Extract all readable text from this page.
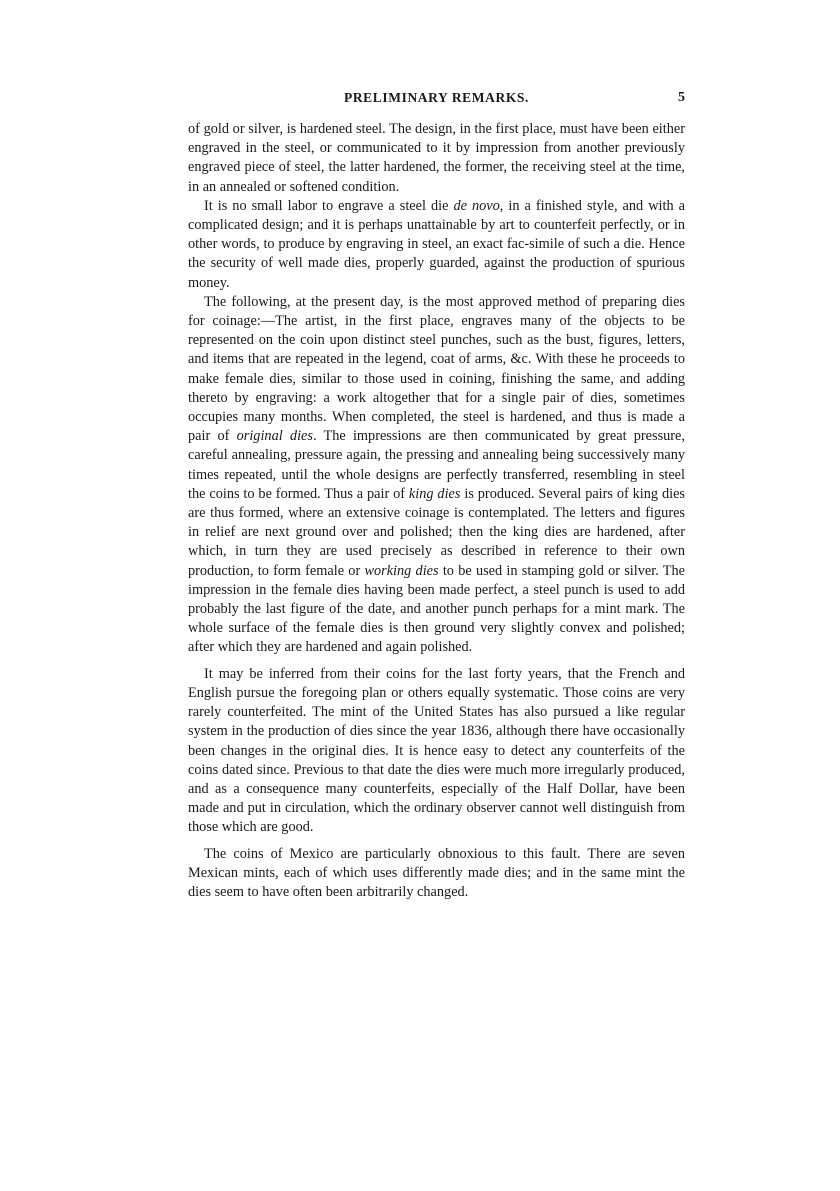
PRELIMINARY REMARKS.	5

of gold or silver, is hardened steel. The design, in the first place, must have been either engraved in the steel, or communicated to it by impression from another previously engraved piece of steel, the latter hardened, the former, the receiving steel at the time, in an annealed or softened condition.

It is no small labor to engrave a steel die de novo, in a finished style, and with a complicated design; and it is perhaps unattainable by art to counterfeit perfectly, or in other words, to produce by engraving in steel, an exact fac-simile of such a die. Hence the security of well made dies, properly guarded, against the production of spurious money.

The following, at the present day, is the most approved method of preparing dies for coinage:—The artist, in the first place, engraves many of the objects to be represented on the coin upon distinct steel punches, such as the bust, figures, letters, and items that are repeated in the legend, coat of arms, &c. With these he proceeds to make female dies, similar to those used in coining, finishing the same, and adding thereto by engraving: a work altogether that for a single pair of dies, sometimes occupies many months. When completed, the steel is hardened, and thus is made a pair of original dies. The impressions are then communicated by great pressure, careful annealing, pressure again, the pressing and annealing being successively many times repeated, until the whole designs are perfectly transferred, resembling in steel the coins to be formed. Thus a pair of king dies is produced. Several pairs of king dies are thus formed, where an extensive coinage is contemplated. The letters and figures in relief are next ground over and polished; then the king dies are hardened, after which, in turn they are used precisely as described in reference to their own production, to form female or working dies to be used in stamping gold or silver. The impression in the female dies having been made perfect, a steel punch is used to add probably the last figure of the date, and another punch perhaps for a mint mark. The whole surface of the female dies is then ground very slightly convex and polished; after which they are hardened and again polished.

It may be inferred from their coins for the last forty years, that the French and English pursue the foregoing plan or others equally systematic. Those coins are very rarely counterfeited. The mint of the United States has also pursued a like regular system in the production of dies since the year 1836, although there have occasionally been changes in the original dies. It is hence easy to detect any counterfeits of the coins dated since. Previous to that date the dies were much more irregularly produced, and as a consequence many counterfeits, especially of the Half Dollar, have been made and put in circulation, which the ordinary observer cannot well distinguish from those which are good.

The coins of Mexico are particularly obnoxious to this fault. There are seven Mexican mints, each of which uses differently made dies; and in the same mint the dies seem to have often been arbitrarily changed.
